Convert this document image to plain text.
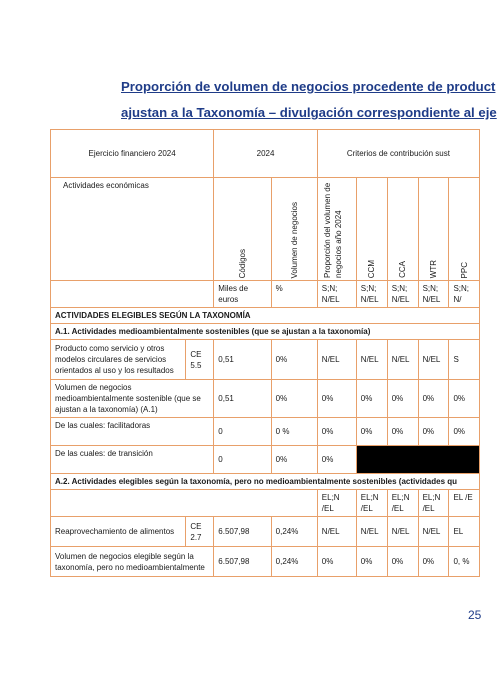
Proporción de volumen de negocios procedente de product
ajustan a la Taxonomía – divulgación correspondiente al eje
Ejercicio financiero 2024		2024		Criterios de contribución sust				
Actividades económicas		Códigos	Volumen de negocios	Proporción del volumen de negocios año 2024	CCM	CCA	WTR	PPC

		Miles de euros	%	S;N; N/EL	S;N; N/EL	S;N; N/EL	S;N; N/EL	S;N; N/
ACTIVIDADES ELEGIBLES SEGÚN LA TAXONOMÍA								
A.1. Actividades medioambientalmente sostenibles (que se ajustan a la taxonomía)								
Producto como servicio y otros modelos circulares de servicios orientados al uso y los resultados	CE 5.5	0,51	0%	N/EL	N/EL	N/EL	N/EL	S
Volumen de negocios medioambientalmente sostenible (que se ajustan a la taxonomía) (A.1)		0,51	0%	0%	0%	0%	0%	0%
De las cuales: facilitadoras		0	0 %	0%	0%	0%	0%	0%
De las cuales: de transición		0	0%	0%				
A.2. Actividades elegibles según la taxonomía, pero no medioambientalmente sostenibles (actividades qu								
				EL;N /EL	EL;N /EL	EL;N /EL	EL;N /EL	EL /E
Reaprovechamiento de alimentos	CE 2.7	6.507,98	0,24%	N/EL	N/EL	N/EL	N/EL	EL
Volumen de negocios elegible según la taxonomía, pero no medioambientalmente		6.507,98	0,24%	0%	0%	0%	0%	0, %
25
